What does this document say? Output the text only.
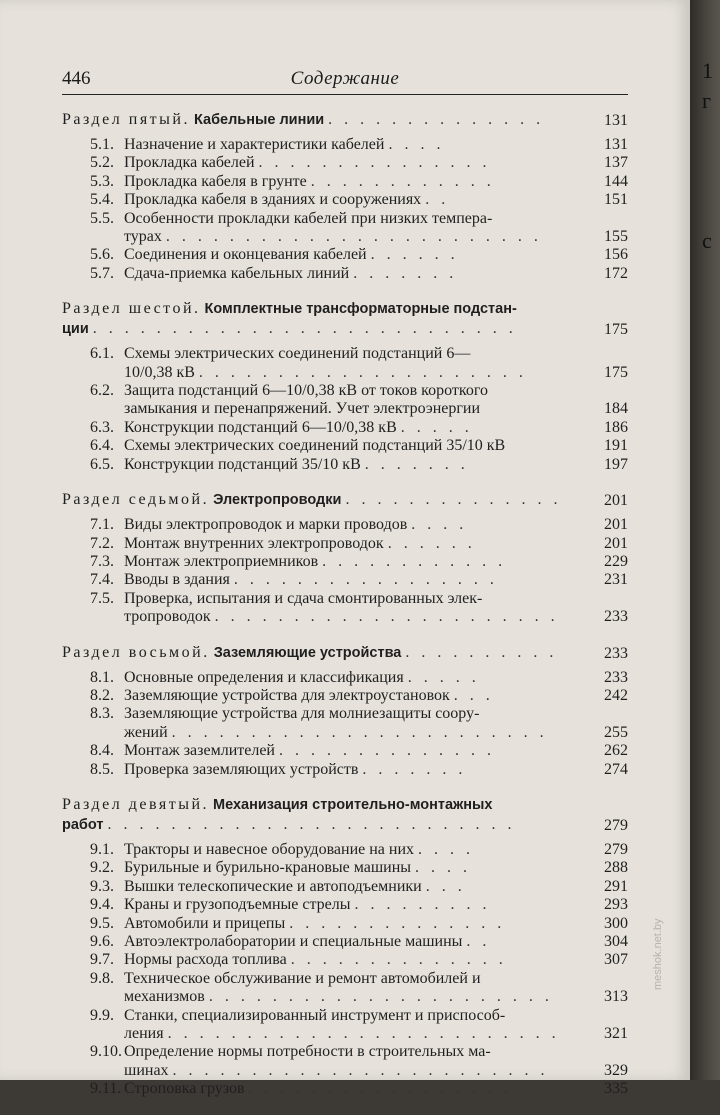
446	Содержание
Раздел пятый. Кабельные линии . . . . . . . . . . . . . .	131
5.1. Назначение и характеристики кабелей . . . .	131
5.2. Прокладка кабелей . . . . . . . . . . . . . . .	137
5.3. Прокладка кабеля в грунте . . . . . . . . . . . .	144
5.4. Прокладка кабеля в зданиях и сооружениях . .	151
5.5. Особенности прокладки кабелей при низких темпера-
турах . . . . . . . . . . . . . . . . . . . . . . . .	155
5.6. Соединения и оконцевания кабелей . . . . . .	156
5.7. Сдача-приемка кабельных линий . . . . . . .	172
Раздел шестой. Комплектные трансформаторные подстан-
ции . . . . . . . . . . . . . . . . . . . . . . . . . . .	175
6.1. Схемы электрических соединений подстанций 6—
10/0,38 кВ . . . . . . . . . . . . . . . . . . . . .	175
6.2. Защита подстанций 6—10/0,38 кВ от токов короткого
замыкания и перенапряжений. Учет электроэнергии	184
6.3. Конструкции подстанций 6—10/0,38 кВ . . . . .	186
6.4. Схемы электрических соединений подстанций 35/10 кВ	191
6.5. Конструкции подстанций 35/10 кВ . . . . . . .	197
Раздел седьмой. Электропроводки . . . . . . . . . . . . . .	201
7.1. Виды электропроводок и марки проводов . . . .	201
7.2. Монтаж внутренних электропроводок . . . . . .	201
7.3. Монтаж электроприемников . . . . . . . . . . . .	229
7.4. Вводы в здания . . . . . . . . . . . . . . . . .	231
7.5. Проверка, испытания и сдача смонтированных элек-
тропроводок . . . . . . . . . . . . . . . . . . . . . .	233
Раздел восьмой. Заземляющие устройства . . . . . . . . . .	233
8.1. Основные определения и классификация . . . . .	233
8.2. Заземляющие устройства для электроустановок . . .	242
8.3. Заземляющие устройства для молниезащиты соору-
жений . . . . . . . . . . . . . . . . . . . . . . . .	255
8.4. Монтаж заземлителей . . . . . . . . . . . . . .	262
8.5. Проверка заземляющих устройств . . . . . . .	274
Раздел девятый. Механизация строительно-монтажных
работ . . . . . . . . . . . . . . . . . . . . . . . . . .	279
9.1. Тракторы и навесное оборудование на них . . . .	279
9.2. Бурильные и бурильно-крановые машины . . . .	288
9.3. Вышки телескопические и автоподъемники . . .	291
9.4. Краны и грузоподъемные стрелы . . . . . . . . .	293
9.5. Автомобили и прицепы . . . . . . . . . . . . . .	300
9.6. Автоэлектролаборатории и специальные машины . .	304
9.7. Нормы расхода топлива . . . . . . . . . . . . . .	307
9.8. Техническое обслуживание и ремонт автомобилей и
механизмов . . . . . . . . . . . . . . . . . . . . . .	313
9.9. Станки, специализированный инструмент и приспособ-
ления . . . . . . . . . . . . . . . . . . . . . . . . .	321
9.10. Определение нормы потребности в строительных ма-
шинах . . . . . . . . . . . . . . . . . . . . . . . .	329
9.11. Строповка грузов . . . . . . . . . . . . . . . . .	335
meshok.net.by
1
г
с
